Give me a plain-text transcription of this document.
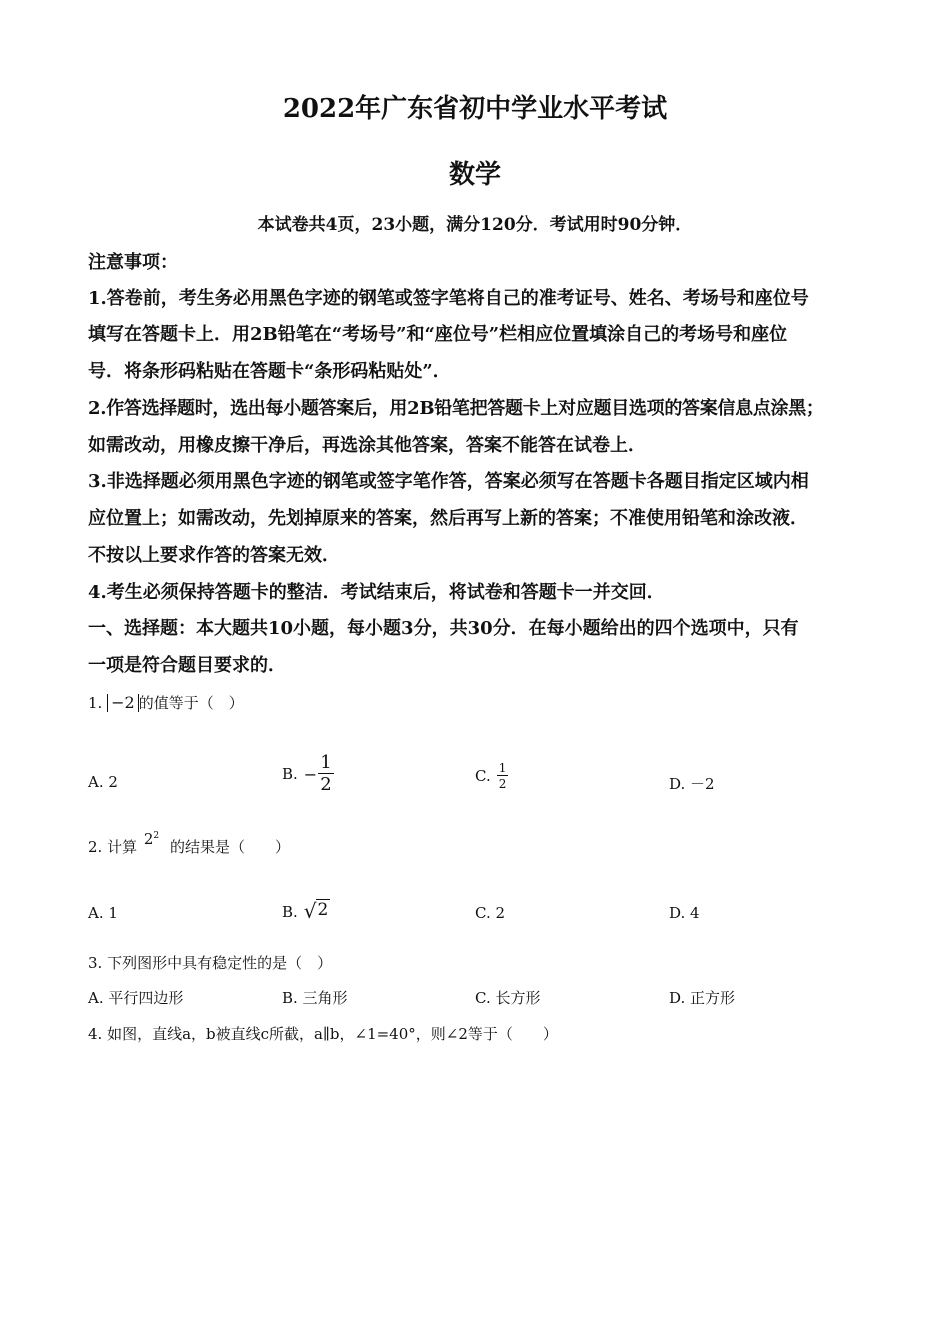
2022年广东省初中学业水平考试
数学
本试卷共4页，23小题，满分120分．考试用时90分钟．
注意事项：
1.答卷前，考生务必用黑色字迹的钢笔或签字笔将自己的准考证号、姓名、考场号和座位号
填写在答题卡上．用2B铅笔在“考场号”和“座位号”栏相应位置填涂自己的考场号和座位
号．将条形码粘贴在答题卡“条形码粘贴处”．
2.作答选择题时，选出每小题答案后，用2B铅笔把答题卡上对应题目选项的答案信息点涂黑；
如需改动，用橡皮擦干净后，再选涂其他答案，答案不能答在试卷上．
3.非选择题必须用黑色字迹的钢笔或签字笔作答，答案必须写在答题卡各题目指定区域内相
应位置上；如需改动，先划掉原来的答案，然后再写上新的答案；不准使用铅笔和涂改液．
不按以上要求作答的答案无效．
4.考生必须保持答题卡的整洁．考试结束后，将试卷和答题卡一并交回．
一、选择题：本大题共10小题，每小题3分，共30分．在每小题给出的四个选项中，只有
一项是符合题目要求的．
1. −2 的值等于（　）
A. 2	B. − $\frac{1}{2}$	C. $\frac{1}{2}$	D. －2
2. 计算 $2^2$ 的结果是（　　）
A. 1	B. √ 2	C. 2	D. 4
3. 下列图形中具有稳定性的是（　）
A. 平行四边形	B. 三角形	C. 长方形	D. 正方形
4. 如图，直线a，b被直线c所截，a∥b，∠1=40°，则∠2等于（　　）
